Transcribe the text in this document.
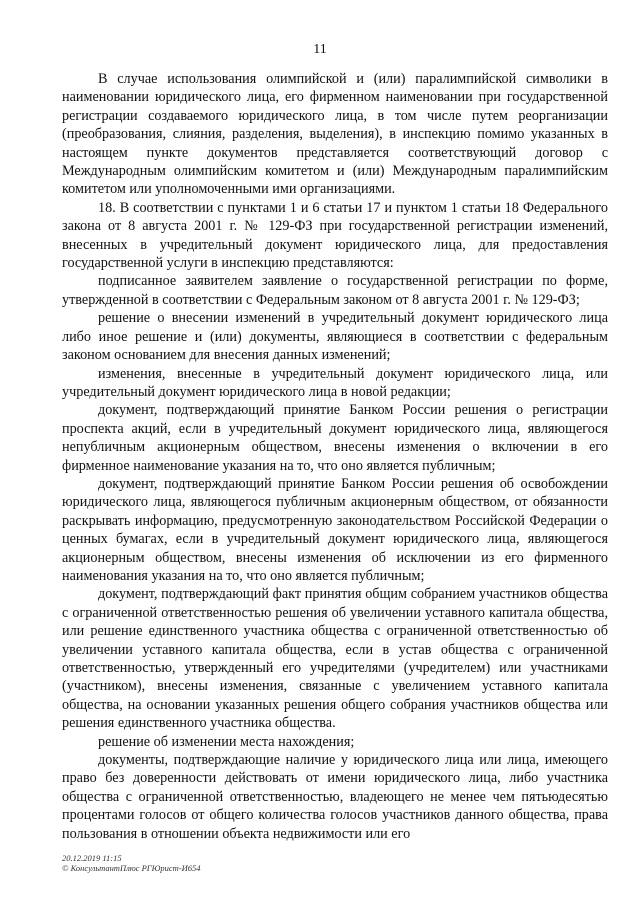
11

В случае использования олимпийской и (или) паралимпийской символики в наименовании юридического лица, его фирменном наименовании при государственной регистрации создаваемого юридического лица, в том числе путем реорганизации (преобразования, слияния, разделения, выделения), в инспекцию помимо указанных в настоящем пункте документов представляется соответствующий договор с Международным олимпийским комитетом и (или) Международным паралимпийским комитетом или уполномоченными ими организациями.

18. В соответствии с пунктами 1 и 6 статьи 17 и пунктом 1 статьи 18 Федерального закона от 8 августа 2001 г. № 129-ФЗ при государственной регистрации изменений, внесенных в учредительный документ юридического лица, для предоставления государственной услуги в инспекцию представляются:

подписанное заявителем заявление о государственной регистрации по форме, утвержденной в соответствии с Федеральным законом от 8 августа 2001 г. № 129-ФЗ;

решение о внесении изменений в учредительный документ юридического лица либо иное решение и (или) документы, являющиеся в соответствии с федеральным законом основанием для внесения данных изменений;

изменения, внесенные в учредительный документ юридического лица, или учредительный документ юридического лица в новой редакции;

документ, подтверждающий принятие Банком России решения о регистрации проспекта акций, если в учредительный документ юридического лица, являющегося непубличным акционерным обществом, внесены изменения о включении в его фирменное наименование указания на то, что оно является публичным;

документ, подтверждающий принятие Банком России решения об освобождении юридического лица, являющегося публичным акционерным обществом, от обязанности раскрывать информацию, предусмотренную законодательством Российской Федерации о ценных бумагах, если в учредительный документ юридического лица, являющегося акционерным обществом, внесены изменения об исключении из его фирменного наименования указания на то, что оно является публичным;

документ, подтверждающий факт принятия общим собранием участников общества с ограниченной ответственностью решения об увеличении уставного капитала общества, или решение единственного участника общества с ограниченной ответственностью об увеличении уставного капитала общества, если в устав общества с ограниченной ответственностью, утвержденный его учредителями (учредителем) или участниками (участником), внесены изменения, связанные с увеличением уставного капитала общества, на основании указанных решения общего собрания участников общества или решения единственного участника общества.

решение об изменении места нахождения;

документы, подтверждающие наличие у юридического лица или лица, имеющего право без доверенности действовать от имени юридического лица, либо участника общества с ограниченной ответственностью, владеющего не менее чем пятьюдесятью процентами голосов от общего количества голосов участников данного общества, права пользования в отношении объекта недвижимости или его

20.12.2019 11:15
© КонсультантПлюс РГЮрист-И654
